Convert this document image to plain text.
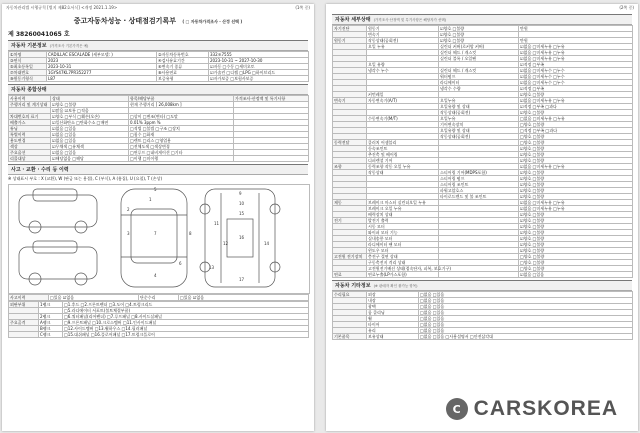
자동차관리법 시행규칙 [별지 제82호서식] <개정 2021.1.19>	(1쪽 중)
중고자동차성능 · 상태점검기록부 ( □ 자동차가격조사 · 산정 선택 )
제 38260041065 호
자동차 기본정보 (가격조사 기본가격은 예)
①차명	CADILLAC ESCALADE (세부모델: )	②자동차등록번호	332조7555
③연식	2023	④검사유효기간	2023-10-31 ~ 2027-10-30
⑤최초등록일	2023-10-31	⑥변속기 종류	☑자동 □수동 □세미오토
⑦차대번호	1GYS47KL7PR352277	⑧사용연료	☑가솔린 □디젤 □LPG □하이브리드
⑨원동기형식	L87	보증유형	☑자가보증 □보험사보증
자동차 종합상태
사용이력	상태	항목/해당부품	가격조사·산정액 및 특기사항
주행거리 및 계기상태	☑양호 □불량	현재 주행거리 [ 26,008km ]	
	☑많음 ☑보통 □적음		
차대번호의 표기	☑양호 □부식 □훼손(오손)	□상이 □변조(변타) □도말	
배출가스	☑일산화탄소 □탄화수소 □매연	0.01% 3ppm %	
튜닝	☑없음 □있음	□적법 □불법 □구조 □장치	
특별이력	☑없음 □있음	□침수 □화재	
용도변경	☑없음 □있음	□렌트 □리스 □영업용	
색상	☑무채색 □유채색	□전체도색 □색상변경	
주요옵션	☑없음 □있음	□썬루프 □네비게이션 □기타	
리콜대상	☑해당없음 □해당	□이행 □미이행	
사고 · 교환 · 수리 등 이력
※ 상태표시 부호 : X (교환), W (판금 또는 용접), C (부식), A (흠집), U (요철), T (손상)
1
2
3
4
5
6
7	8
9
10
11
12
13
14
15
16
17
사고이력	□있음 ☑없음	단순수리	□있음 ☑없음
외판부위	1랭크	□1.후드 □2.프론트펜더 □3.도어 □4.트렁크리드
		□5.라디에이터 서포트(볼트체결부품)
	2랭크	□6.쿼터패널(리어펜더) □7.루프패널 □8.사이드실패널
주요골격	A랭크	□9.프론트패널 □10.크로스멤버 □11.인사이드패널
	B랭크	□12.사이드멤버 □13.휠하우스 □14.필러패널
	C랭크	□15.대쉬패널 □16.플로어패널 □17.트렁크플로어
(2쪽 중)
자동차 세부상태 (가격조사·산정액 및 특기사항은 해당자가 선택)
자기진단	원동기	☑양호 □불량	만원
	변속기	☑양호 □불량	
원동기	작동상태(공회전)	☑양호 □불량	만원
	오일 누유	실린더 커버(로커암 커버)	☑없음 □미세누유 □누유
		실린더 헤드 / 개스킷	☑없음 □미세누유 □누유
		실린더 블록 / 오일팬	☑없음 □미세누유 □누유
	오일 유량		☑적정 □부족
	냉각수 누수	실린더 헤드 / 개스킷	☑없음 □미세누수 □누수
		워터펌프	☑없음 □미세누수 □누수
		라디에이터	☑없음 □미세누수 □누수
		냉각수 수량	☑적정 □부족
	커먼레일		☑양호 □불량
변속기	자동변속기(A/T)	오일누유	☑없음 □미세누유 □누유
		오일유량 및 상태	☑적정 □부족 □과다
		작동상태(공회전)	☑양호 □불량
	수동변속기(M/T)	오일누유	□없음 □미세누유 □누유
		기어변속장치	□양호 □불량
		오일유량 및 상태	□적정 □부족 □과다
		작동상태(공회전)	□양호 □불량
동력전달	클러치 어셈블리		□양호 □불량
	등속조인트		☑양호 □불량
	추진축 및 베어링		☑양호 □불량
	디퍼렌셜 기어		☑양호 □불량
조향	동력조향 작동 오일 누유		☑없음 □미세누유 □누유
	작동상태	스티어링 기어(MDPS포함)	☑양호 □불량
		스티어링 펌프	☑양호 □불량
		스티어링 조인트	☑양호 □불량
		파워고압호스	☑양호 □불량
		타이로드엔드 및 볼 조인트	☑양호 □불량
제동	브레이크 마스터 실린더오일 누유		☑없음 □미세누유 □누유
	브레이크 오일 누유		☑없음 □미세누유 □누유
	배력장치 상태		☑양호 □불량
전기	발전기 출력		☑양호 □불량
	시동 모터		☑양호 □불량
	와이퍼 모터 기능		☑양호 □불량
	실내송풍 모터		☑양호 □불량
	라디에이터 팬 모터		☑양호 □불량
	윈도우 모터		☑양호 □불량
고전원 전기장치	충전구 절연 상태		□양호 □불량
	구동축전지 격리 상태		□양호 □불량
	고전원전기배선 상태(접속단자, 피복, 보호기구)		□양호 □불량
연료	연료누출(LP가스포함)		☑없음 □있음
자동차 기타정보 (※ 판매자 확인 불가능 항목)
수리필요	외장	□없음 □있음
	내장	□없음 □있음
	광택	□없음 □있음
	룸 클리닝	□없음 □있음
	휠	□없음 □있음
	타이어	□없음 □있음
	유리	□없음 □있음
기본품목	보유상태	□없음 □있음 □사용설명서 □안전삼각대
C CARSKOREA
